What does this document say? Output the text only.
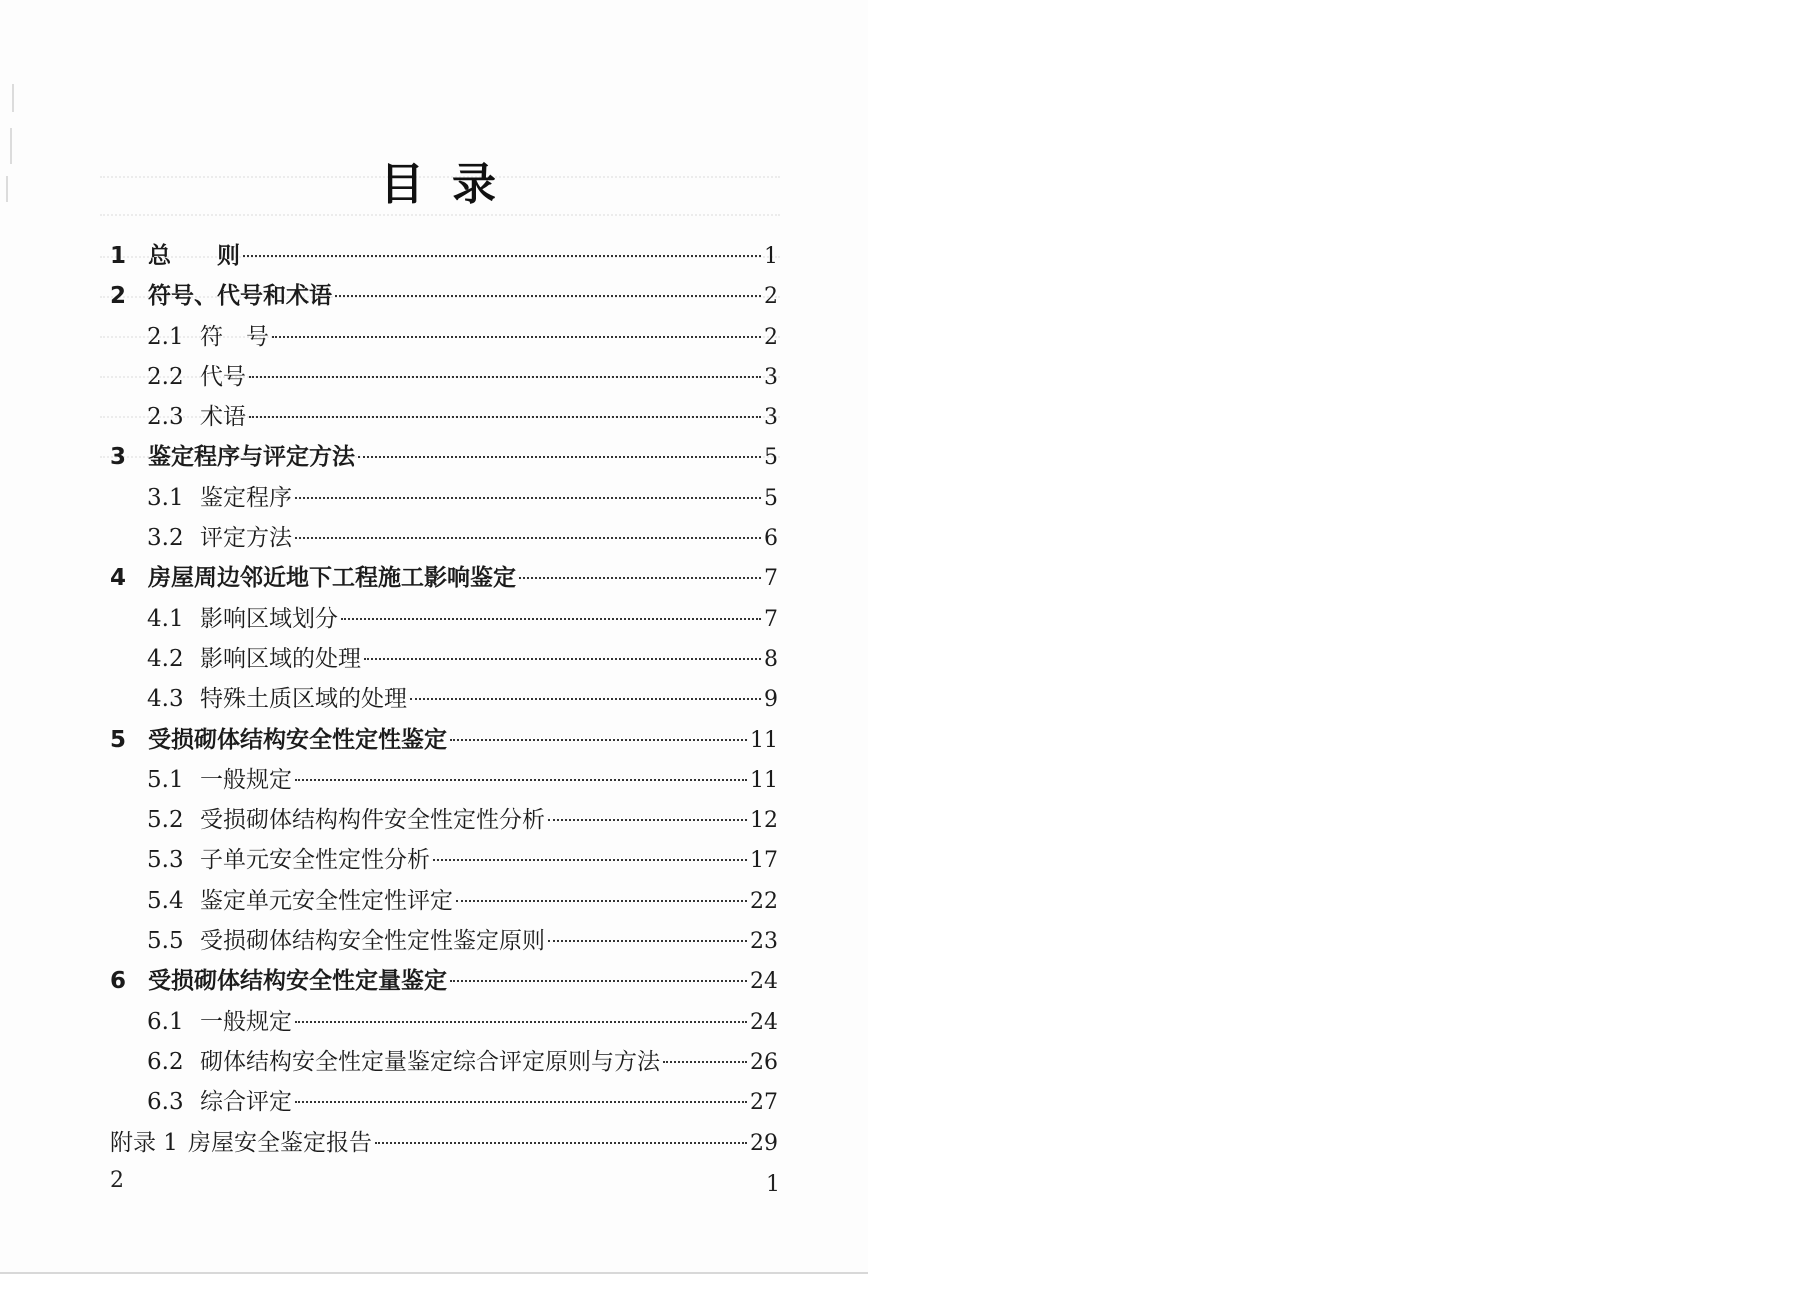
目录
1 总　　则	1
2 符号、代号和术语	2
2.1 符　号	2
2.2 代号	3
2.3 术语	3
3 鉴定程序与评定方法	5
3.1 鉴定程序	5
3.2 评定方法	6
4 房屋周边邻近地下工程施工影响鉴定	7
4.1 影响区域划分	7
4.2 影响区域的处理	8
4.3 特殊土质区域的处理	9
5 受损砌体结构安全性定性鉴定	11
5.1 一般规定	11
5.2 受损砌体结构构件安全性定性分析	12
5.3 子单元安全性定性分析	17
5.4 鉴定单元安全性定性评定	22
5.5 受损砌体结构安全性定性鉴定原则	23
6 受损砌体结构安全性定量鉴定	24
6.1 一般规定	24
6.2 砌体结构安全性定量鉴定综合评定原则与方法	26
6.3 综合评定	27
附录 1 房屋安全鉴定报告	29
2	1
